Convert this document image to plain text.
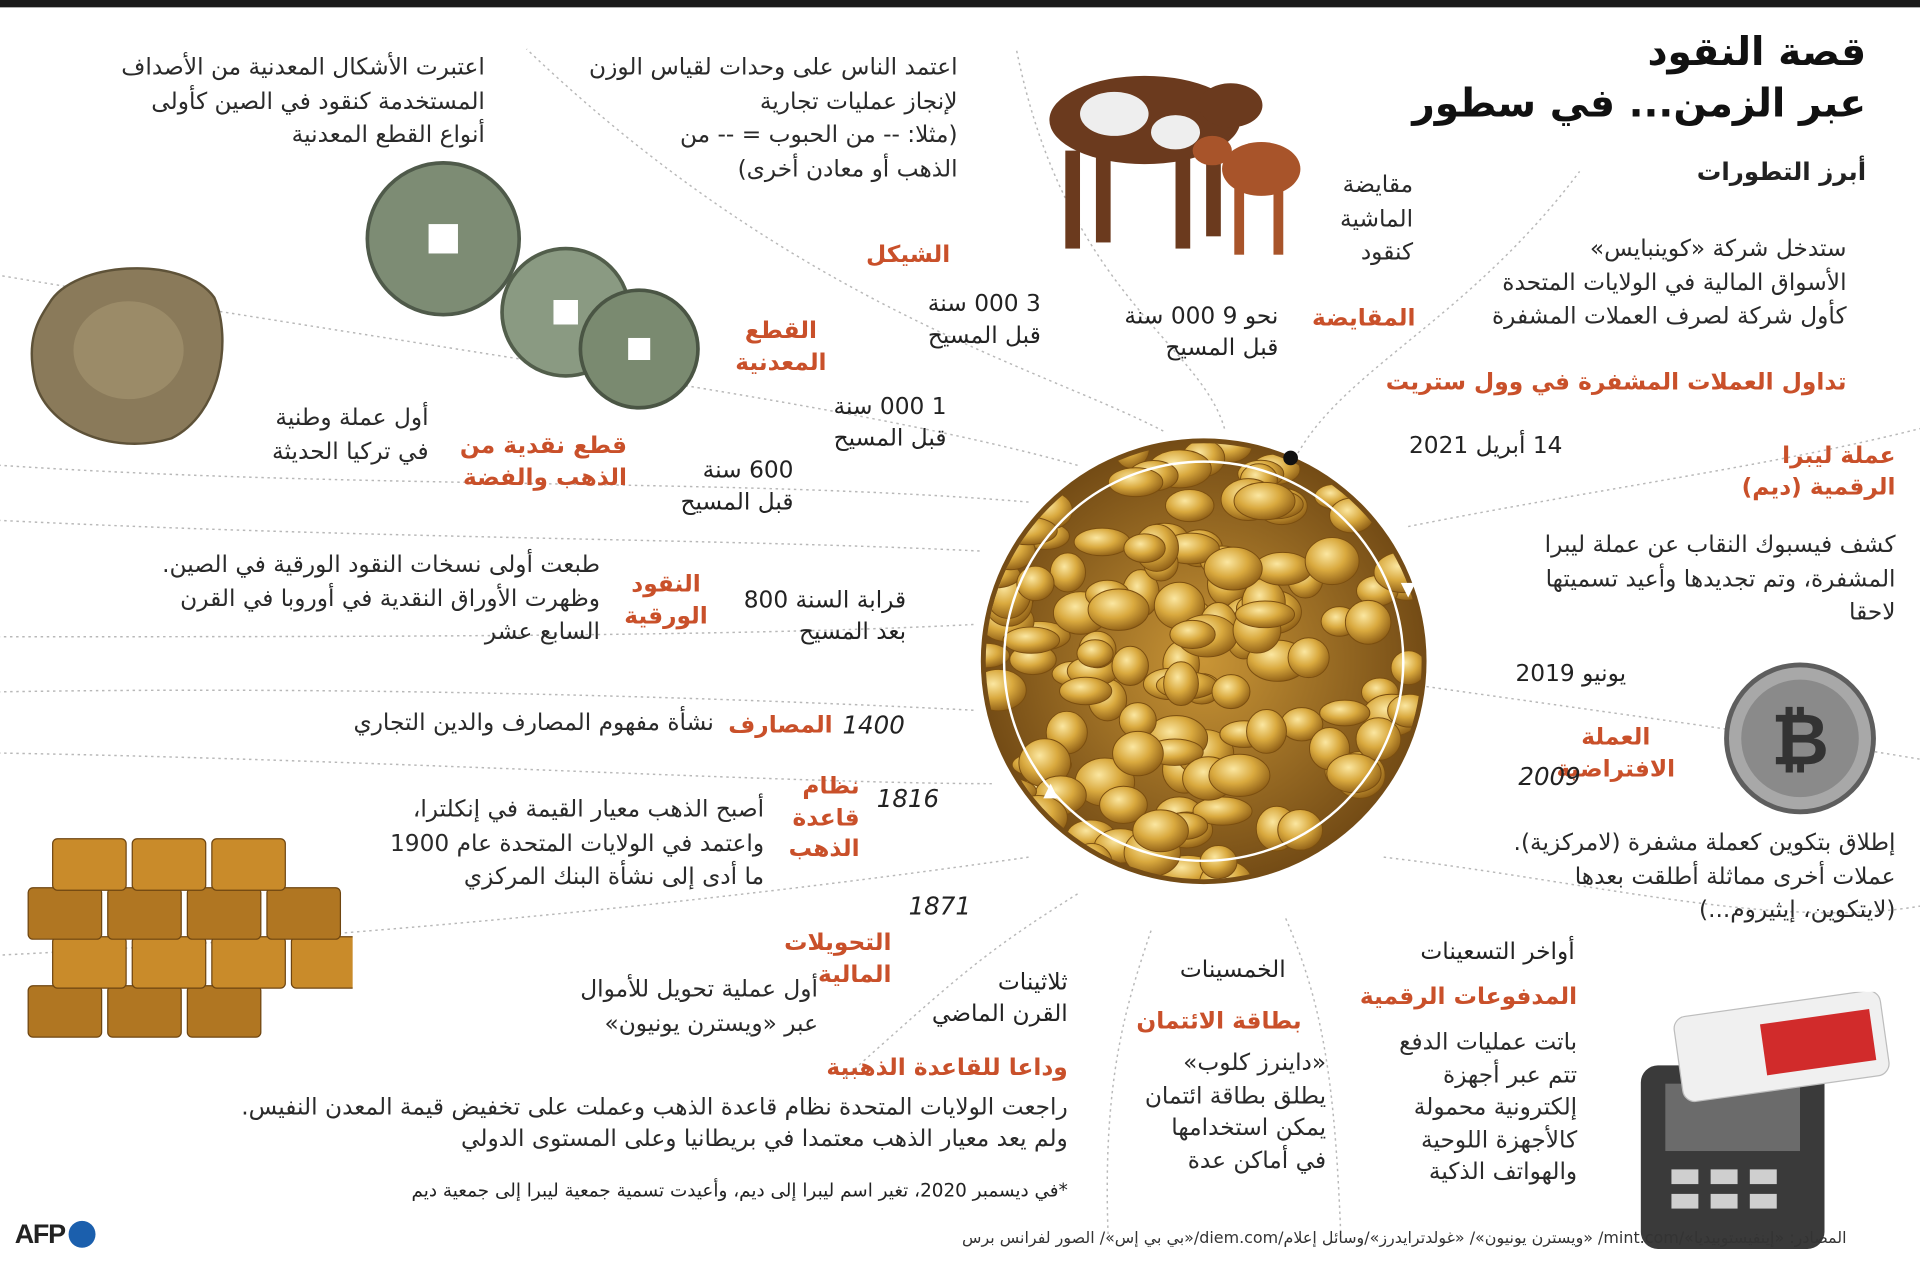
₿
AFP
قصة النقود
عبر الزمن... في سطور
أبرز التطورات
ستدخل شركة «كوينبايس»
الأسواق المالية في الولايات المتحدة
كأول شركة لصرف العملات المشفرة
تداول العملات المشفرة في وول ستريت
14 أبريل 2021	عملة ليبرا
الرقمية (ديم)
كشف فيسبوك النقاب عن عملة ليبرا
المشفرة، وتم تجديدها وأعيد تسميتها
لاحقا
يونيو 2019
العملة
الافتراضية
2009
إطلاق بتكوين كعملة مشفرة (لامركزية).
عملات أخرى مماثلة أطلقت بعدها
(لايتكوين، إيثيروم...)
أواخر التسعينات
المدفوعات الرقمية
باتت عمليات الدفع
تتم عبر أجهزة
إلكترونية محمولة
كالأجهزة اللوحية
والهواتف الذكية
الخمسينات
بطاقة الائتمان
«داينرز كلوب»
يطلق بطاقة ائتمان
يمكن استخدامها
في أماكن عدة
ثلاثينات
القرن الماضي
وداعا للقاعدة الذهبية
راجعت الولايات المتحدة نظام قاعدة الذهب وعملت على تخفيض قيمة المعدن النفيس.
ولم يعد معيار الذهب معتمدا في بريطانيا وعلى المستوى الدولي
*في ديسمبر 2020، تغير اسم ليبرا إلى ديم، وأعيدت تسمية جمعية ليبرا إلى جمعية ديم
1871
التحويلات
المالية
أول عملية تحويل للأموال
عبر «ويسترن يونيون»
1816
نظام
قاعدة
الذهب
أصبح الذهب معيار القيمة في إنكلترا،
واعتمد في الولايات المتحدة عام 1900
ما أدى إلى نشأة البنك المركزي
1400
المصارف
نشأة مفهوم المصارف والدين التجاري
قرابة السنة 800
بعد المسيح
النقود
الورقية
طبعت أولى نسخات النقود الورقية في الصين.
وظهرت الأوراق النقدية في أوروبا في القرن
السابع عشر
600 سنة
قبل المسيح
قطع نقدية من
الذهب والفضة
أول عملة وطنية
في تركيا الحديثة
القطع
المعدنية
1 000 سنة
قبل المسيح
اعتبرت الأشكال المعدنية من الأصداف
المستخدمة كنقود في الصين كأولى
أنواع القطع المعدنية
الشيكل
3 000 سنة
قبل المسيح
اعتمد الناس على وحدات لقياس الوزن
لإنجاز عمليات تجارية
(مثلا: -- من الحبوب = -- من
الذهب أو معادن أخرى)
المقايضة
نحو 9 000 سنة
قبل المسيح
مقايضة
الماشية
كنقود
المصادر: «إينفيستوبيديا»/mint.com/ «ويسترن يونيون»/ «غولدترايدرز»/وسائل إعلام/diem.com/«بي بي إس»/ الصور لفرانس برس
